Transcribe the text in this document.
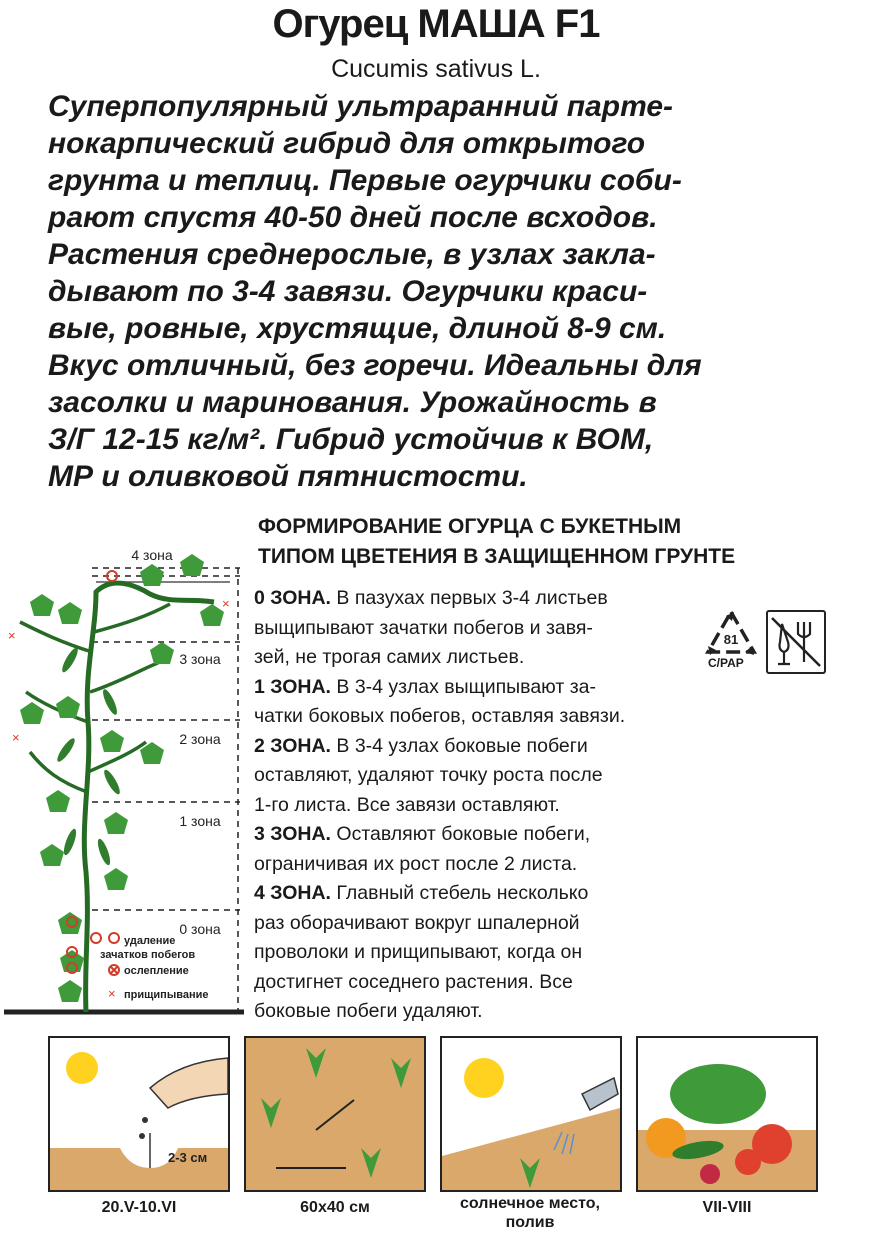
Огурец МАША F1
Cucumis sativus L.
Суперпопулярный ультраранний парте-
нокарпический гибрид для открытого
грунта и теплиц. Первые огурчики соби-
рают спустя 40-50 дней после всходов.
Растения среднерослые, в узлах закла-
дывают по 3-4 завязи. Огурчики краси-
вые, ровные, хрустящие, длиной 8-9 см.
Вкус отличный, без горечи. Идеальны для
засолки и маринования. Урожайность в
З/Г 12-15 кг/м². Гибрид устойчив к ВОМ,
МР и оливковой пятнистости.
ФОРМИРОВАНИЕ ОГУРЦА С БУКЕТНЫМ
ТИПОМ ЦВЕТЕНИЯ В ЗАЩИЩЕННОМ ГРУНТЕ
0 ЗОНА. В пазухах первых 3-4 листьев
выщипывают зачатки побегов и завя-
зей, не трогая самих листьев.
1 ЗОНА. В 3-4 узлах выщипывают за-
чатки боковых побегов, оставляя завязи.
2 ЗОНА. В 3-4 узлах боковые побеги
оставляют, удаляют точку роста после
1-го листа. Все завязи оставляют.
3 ЗОНА. Оставляют боковые побеги,
ограничивая их рост после 2 листа.
4 ЗОНА. Главный стебель несколько
раз оборачивают вокруг шпалерной
проволоки и прищипывают, когда он
достигнет соседнего растения. Все
боковые побеги удаляют.
81
C/PAP
×
×
×
4 зона
3 зона
2 зона
1 зона
0 зона
удаление
зачатков побегов
ослепление
× прищипывание
2-3 см
20.V-10.VI	60x40 см	солнечное место,
полив
VII-VIII
